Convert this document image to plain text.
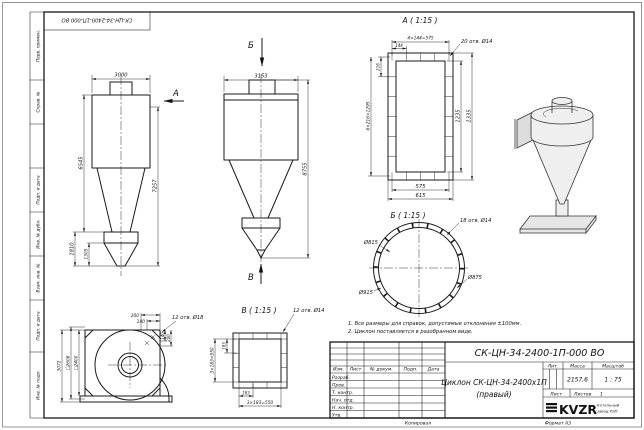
Перв. примен.
Справ. №
Подп. и дата
Инв. № дубл.
Взам. инв. №
Подп. и дата
Инв. № подл.
СК-ЦН-34-2400-1П-000 ВО
3000
6545
1810 1305
7257
А
Б
3153
8755
В
А ( 1:15 )
4×144=575
144
216
6×216=1295
20 отв. Ø14
1235 1335
575
615
Б ( 1:15 )
Ø815
Ø915
Ø875
18 отв. Ø14
200
140
12 отв. Ø18
140 200
3072 □2606 □2400
В ( 1:15 )	12 отв. Ø14
183
3×183=550
183
3×183=550
1. Все размеры для справок, допустимые отклонения ±100мм.
2. Циклон поставляется в разобранном виде.
Изм. Лист № докум. Подп. Дата
Разраб.
Пров.
Т. контр.
Нач. отд.
Н. контр.
Утв.
СК-ЦН-34-2400-1П-000 ВО
Циклон СК-ЦН-34-2400х1П
(правый)
Лит.	Масса	Масштаб
2157,6	1 : 75
Лист	Листов 1
KVZR Котельный
завод РЭП
Копировал	Формат А3
